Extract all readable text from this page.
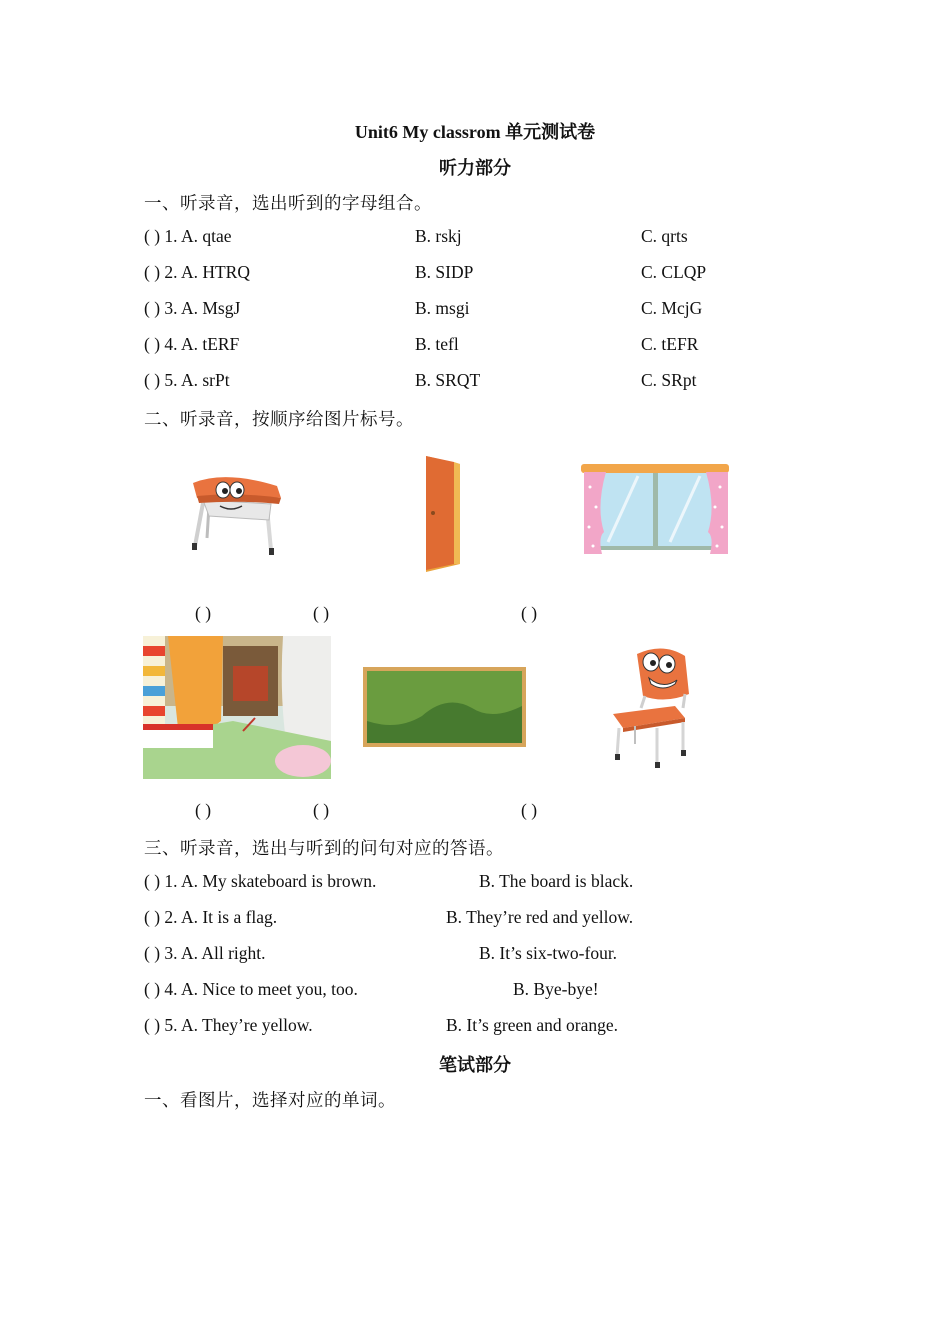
Unit6 My classrom 单元测试卷
听力部分
一、听录音，选出听到的字母组合。
( ) 1. A. qtae	B. rskj	C. qrts
( ) 2. A. HTRQ	B. SIDP	C. CLQP
( ) 3. A. MsgJ	B. msgi	C. McjG
( ) 4. A. tERF	B. tefl	C. tEFR
( ) 5. A. srPt	B. SRQT	C. SRpt
二、听录音，按顺序给图片标号。
( )	( )	( )
( )	( )	( )
三、听录音，选出与听到的问句对应的答语。
( ) 1. A. My skateboard is brown.	B. The board is black.
( ) 2. A. It is a flag.	B. They’re red and yellow.
( ) 3. A. All right.	B. It’s six-two-four.
( ) 4. A. Nice to meet you, too.	B. Bye-bye!
( ) 5. A. They’re yellow.	B. It’s green and orange.
笔试部分
一、看图片，选择对应的单词。
